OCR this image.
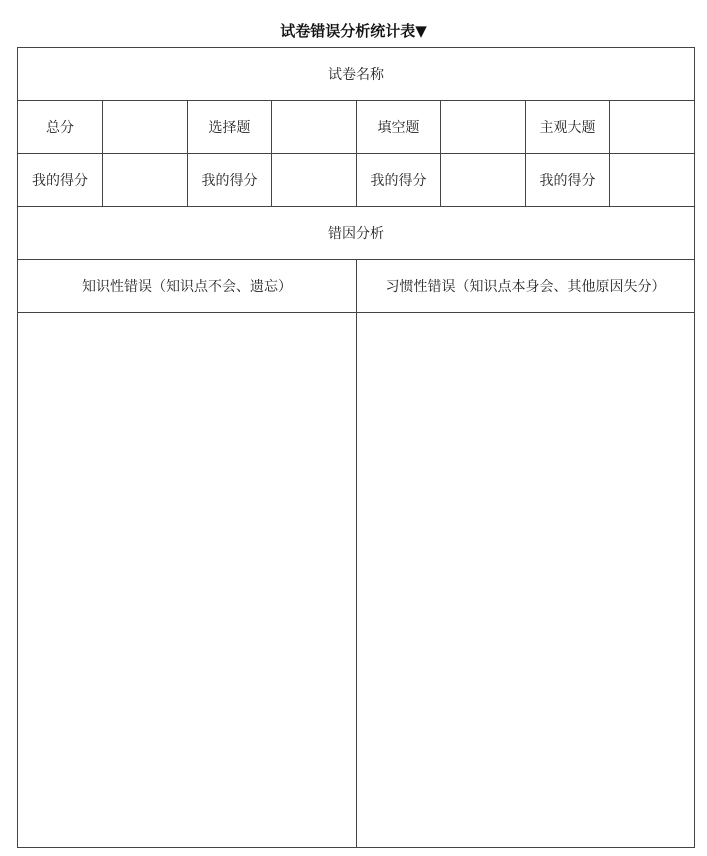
试卷错误分析统计表▼
试卷名称							
总分		选择题		填空题		主观大题	
我的得分		我的得分		我的得分		我的得分	
错因分析							
知识性错误（知识点不会、遗忘）				习惯性错误（知识点本身会、其他原因失分）			
